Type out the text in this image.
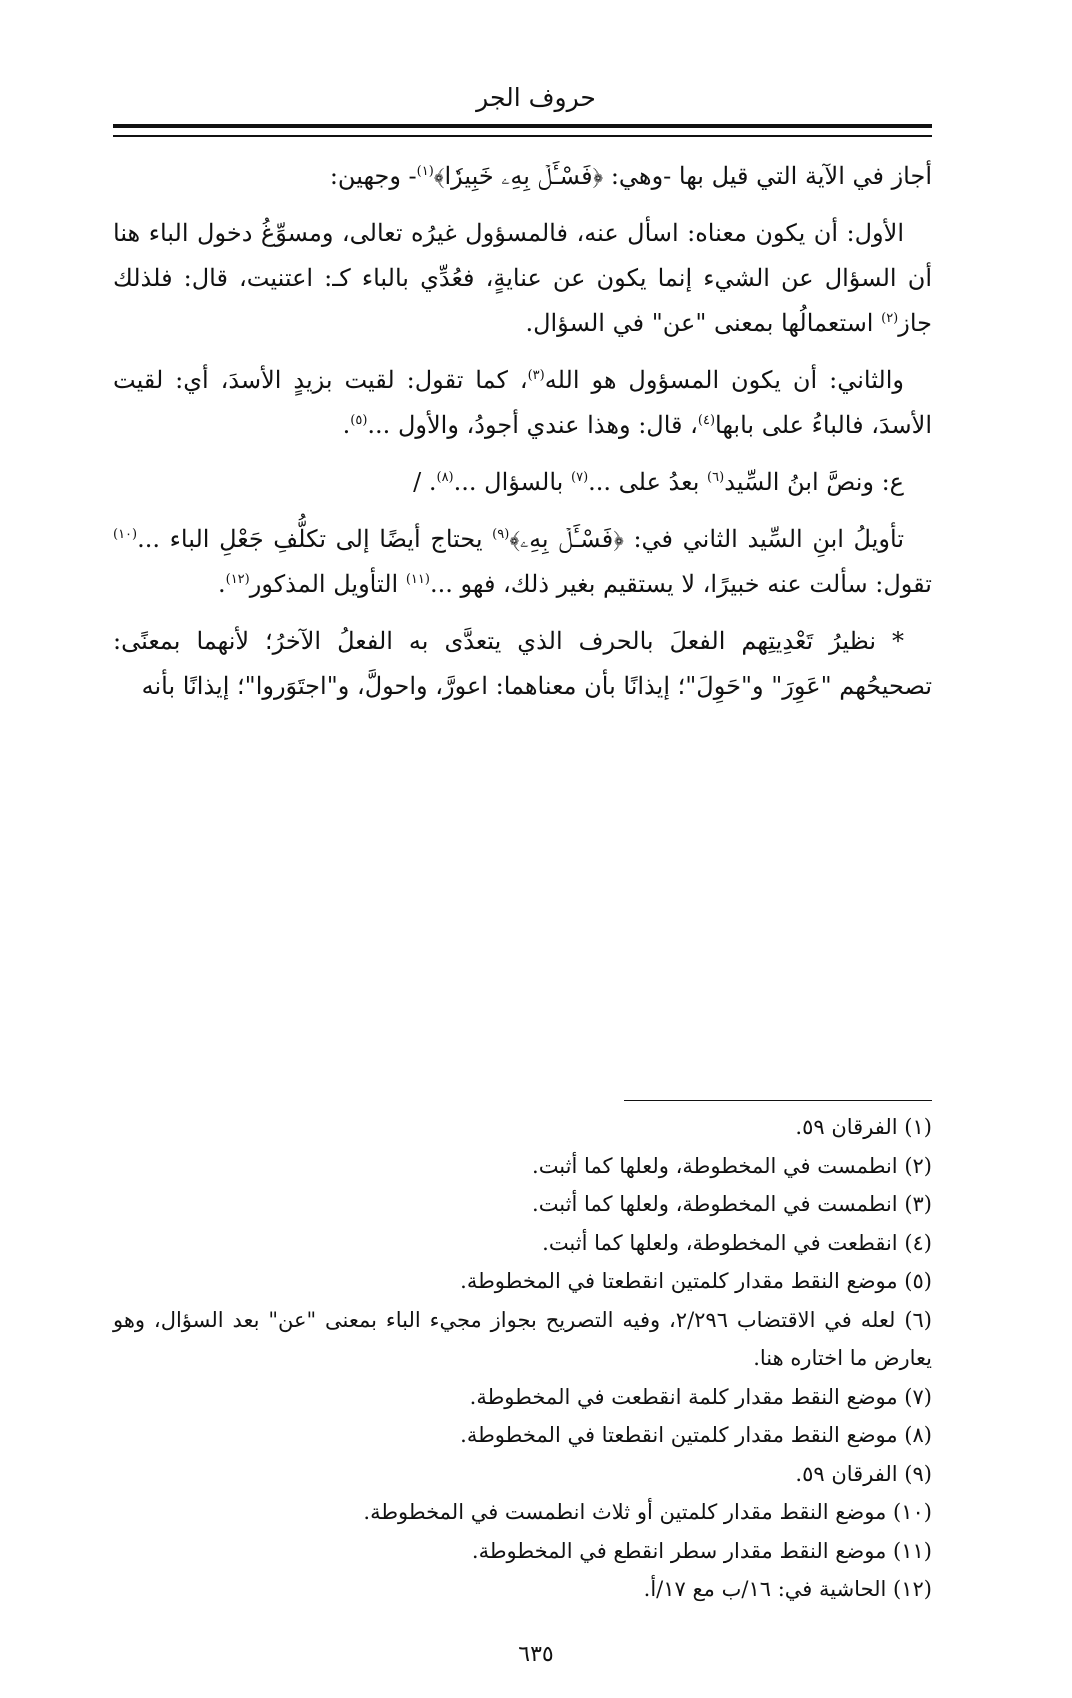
حروف الجر

أجاز في الآية التي قيل بها -وهي: ﴿فَسْـَٔلۡ بِهِۦ خَبِيرٗا﴾$^{(١)}$- وجهين:

الأول: أن يكون معناه: اسأل عنه، فالمسؤول غيرُه تعالى، ومسوِّغُ دخول الباء هنا أن السؤال عن الشيء إنما يكون عن عنايةٍ، فعُدِّي بالباء كـ: اعتنيت، قال: فلذلك جاز$^{(٢)}$ استعمالُها بمعنى "عن" في السؤال.

والثاني: أن يكون المسؤول هو الله$^{(٣)}$، كما تقول: لقيت بزيدٍ الأسدَ، أي: لقيت الأسدَ، فالباءُ على بابها$^{(٤)}$، قال: وهذا عندي أجودُ، والأول ...$^{(٥)}$.

ع: ونصَّ ابنُ السِّيد$^{(٦)}$ بعدُ على ...$^{(٧)}$ بالسؤال ...$^{(٨)}$. /

تأويلُ ابنِ السِّيد الثاني في: ﴿فَسْـَٔلۡ بِهِۦ﴾$^{(٩)}$ يحتاج أيضًا إلى تكلُّفِ جَعْلِ الباء ...$^{(١٠)}$ تقول: سألت عنه خبيرًا، لا يستقيم بغير ذلك، فهو ...$^{(١١)}$ التأويل المذكور$^{(١٢)}$.

* نظيرُ تَعْدِيتِهم الفعلَ بالحرف الذي يتعدَّى به الفعلُ الآخرُ؛ لأنهما بمعنًى: تصحيحُهم "عَوِرَ" و"حَوِلَ"؛ إيذانًا بأن معناهما: اعورَّ، واحولَّ، و"اجتَوَروا"؛ إيذانًا بأنه

(١) الفرقان ٥٩.
(٢) انطمست في المخطوطة، ولعلها كما أثبت.
(٣) انطمست في المخطوطة، ولعلها كما أثبت.
(٤) انقطعت في المخطوطة، ولعلها كما أثبت.
(٥) موضع النقط مقدار كلمتين انقطعتا في المخطوطة.
(٦) لعله في الاقتضاب ٢/٢٩٦، وفيه التصريح بجواز مجيء الباء بمعنى "عن" بعد السؤال، وهو يعارض ما اختاره هنا.
(٧) موضع النقط مقدار كلمة انقطعت في المخطوطة.
(٨) موضع النقط مقدار كلمتين انقطعتا في المخطوطة.
(٩) الفرقان ٥٩.
(١٠) موضع النقط مقدار كلمتين أو ثلاث انطمست في المخطوطة.
(١١) موضع النقط مقدار سطر انقطع في المخطوطة.
(١٢) الحاشية في: ١٦/ب مع ١٧/أ.
٦٣٥
